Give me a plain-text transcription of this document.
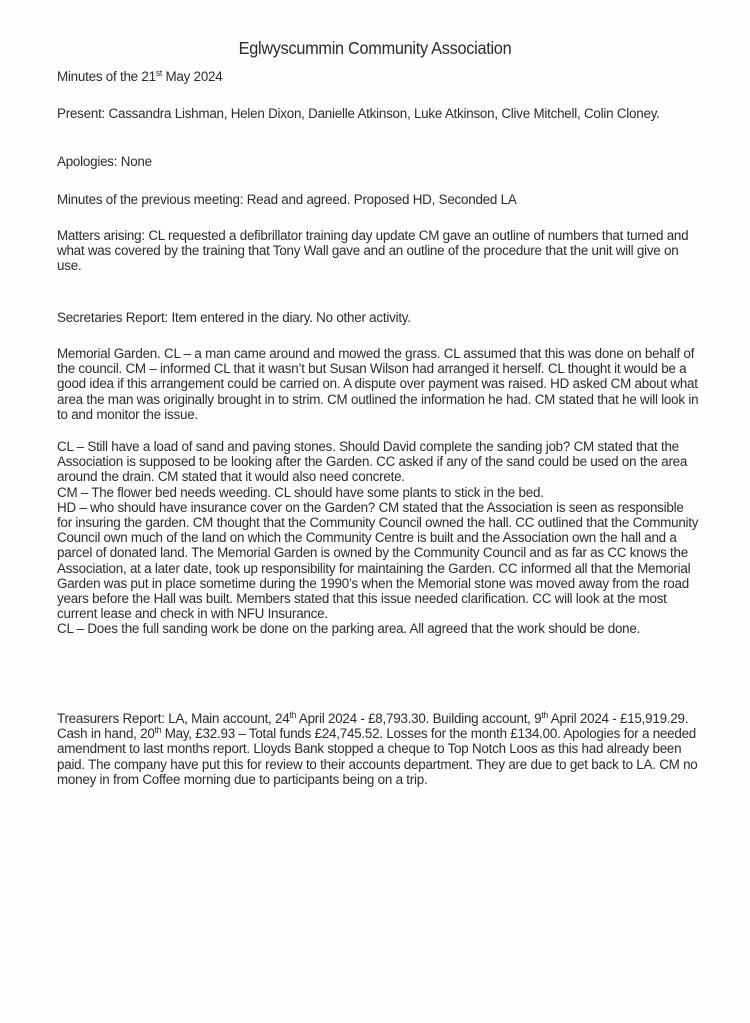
Eglwyscummin Community Association

Minutes of the 21st May 2024

Present: Cassandra Lishman, Helen Dixon, Danielle Atkinson, Luke Atkinson, Clive Mitchell, Colin Cloney.

Apologies: None

Minutes of the previous meeting: Read and agreed. Proposed HD, Seconded LA

Matters arising: CL requested a defibrillator training day update CM gave an outline of numbers that turned and what was covered by the training that Tony Wall gave and an outline of the procedure that the unit will give on use.

Secretaries Report: Item entered in the diary. No other activity.

Memorial Garden. CL – a man came around and mowed the grass. CL assumed that this was done on behalf of the council. CM – informed CL that it wasn’t but Susan Wilson had arranged it herself. CL thought it would be a good idea if this arrangement could be carried on. A dispute over payment was raised. HD asked CM about what area the man was originally brought in to strim. CM outlined the information he had. CM stated that he will look in to and monitor the issue.

CL – Still have a load of sand and paving stones. Should David complete the sanding job? CM stated that the Association is supposed to be looking after the Garden. CC asked if any of the sand could be used on the area around the drain. CM stated that it would also need concrete.

CM – The flower bed needs weeding. CL should have some plants to stick in the bed.

HD – who should have insurance cover on the Garden? CM stated that the Association is seen as responsible for insuring the garden. CM thought that the Community Council owned the hall. CC outlined that the Community Council own much of the land on which the Community Centre is built and the Association own the hall and a parcel of donated land. The Memorial Garden is owned by the Community Council and as far as CC knows the Association, at a later date, took up responsibility for maintaining the Garden. CC informed all that the Memorial Garden was put in place sometime during the 1990’s when the Memorial stone was moved away from the road years before the Hall was built. Members stated that this issue needed clarification. CC will look at the most current lease and check in with NFU Insurance.

CL – Does the full sanding work be done on the parking area. All agreed that the work should be done.

Treasurers Report: LA, Main account, 24th April 2024 - £8,793.30. Building account, 9th April 2024 - £15,919.29. Cash in hand, 20th May, £32.93 – Total funds £24,745.52. Losses for the month £134.00. Apologies for a needed amendment to last months report. Lloyds Bank stopped a cheque to Top Notch Loos as this had already been paid. The company have put this for review to their accounts department. They are due to get back to LA. CM no money in from Coffee morning due to participants being on a trip.
